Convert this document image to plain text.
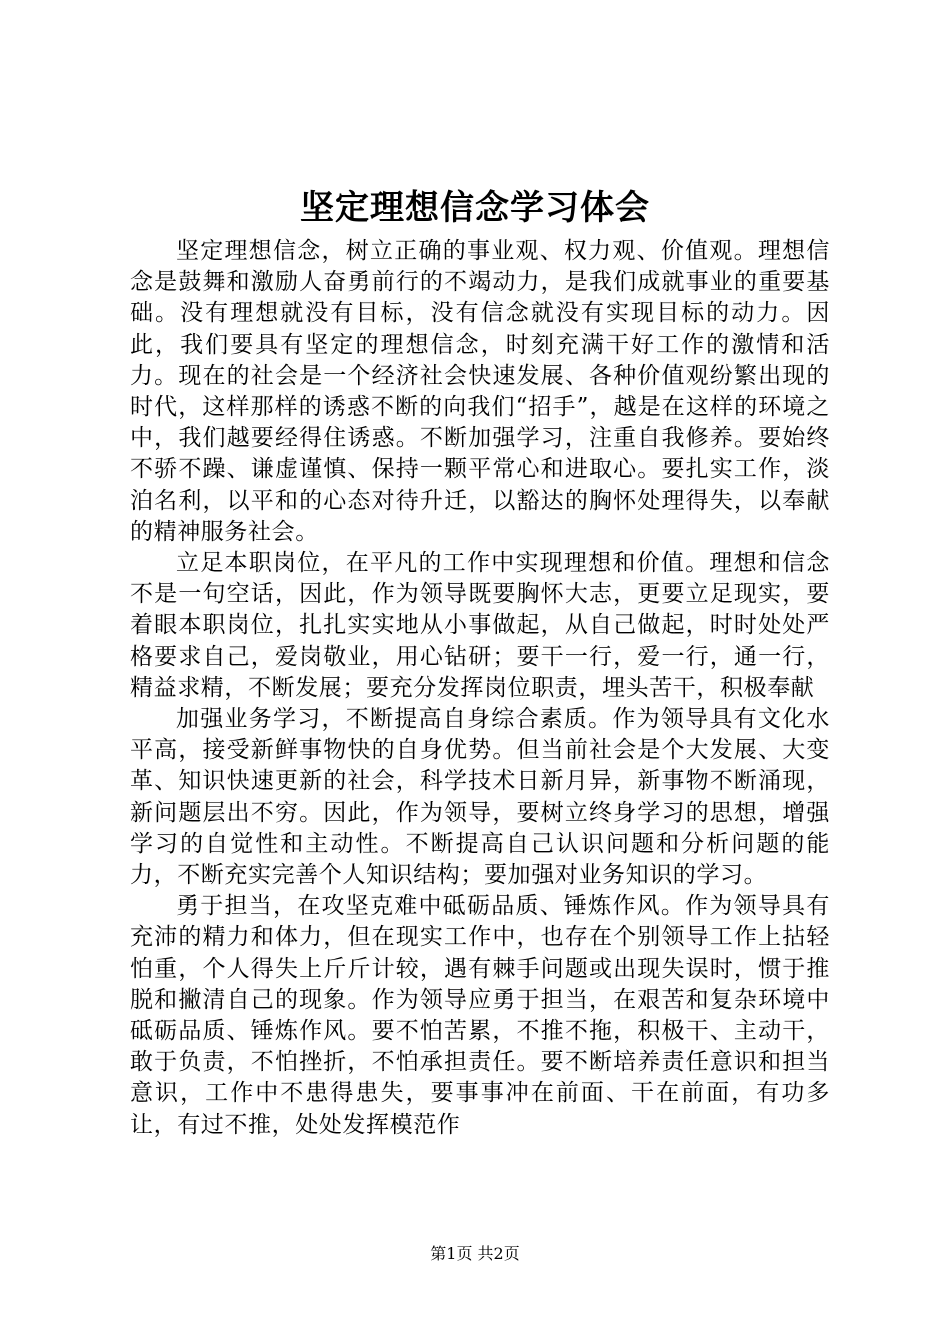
坚定理想信念学习体会

坚定理想信念，树立正确的事业观、权力观、价值观。理想信念是鼓舞和激励人奋勇前行的不竭动力，是我们成就事业的重要基础。没有理想就没有目标，没有信念就没有实现目标的动力。因此，我们要具有坚定的理想信念，时刻充满干好工作的激情和活力。现在的社会是一个经济社会快速发展、各种价值观纷繁出现的时代，这样那样的诱惑不断的向我们“招手”，越是在这样的环境之中，我们越要经得住诱惑。不断加强学习，注重自我修养。要始终不骄不躁、谦虚谨慎、保持一颗平常心和进取心。要扎实工作，淡泊名利，以平和的心态对待升迁，以豁达的胸怀处理得失，以奉献的精神服务社会。

立足本职岗位，在平凡的工作中实现理想和价值。理想和信念不是一句空话，因此，作为领导既要胸怀大志，更要立足现实，要着眼本职岗位，扎扎实实地从小事做起，从自己做起，时时处处严格要求自己，爱岗敬业，用心钻研；要干一行，爱一行，通一行，精益求精，不断发展；要充分发挥岗位职责，埋头苦干，积极奉献

加强业务学习，不断提高自身综合素质。作为领导具有文化水平高，接受新鲜事物快的自身优势。但当前社会是个大发展、大变革、知识快速更新的社会，科学技术日新月异，新事物不断涌现，新问题层出不穷。因此，作为领导，要树立终身学习的思想，增强学习的自觉性和主动性。不断提高自己认识问题和分析问题的能力，不断充实完善个人知识结构；要加强对业务知识的学习。

勇于担当，在攻坚克难中砥砺品质、锤炼作风。作为领导具有充沛的精力和体力，但在现实工作中，也存在个别领导工作上拈轻怕重，个人得失上斤斤计较，遇有棘手问题或出现失误时，惯于推脱和撇清自己的现象。作为领导应勇于担当，在艰苦和复杂环境中砥砺品质、锤炼作风。要不怕苦累，不推不拖，积极干、主动干，敢于负责，不怕挫折，不怕承担责任。要不断培养责任意识和担当意识，工作中不患得患失，要事事冲在前面、干在前面，有功多让，有过不推，处处发挥模范作

第1页 共2页
